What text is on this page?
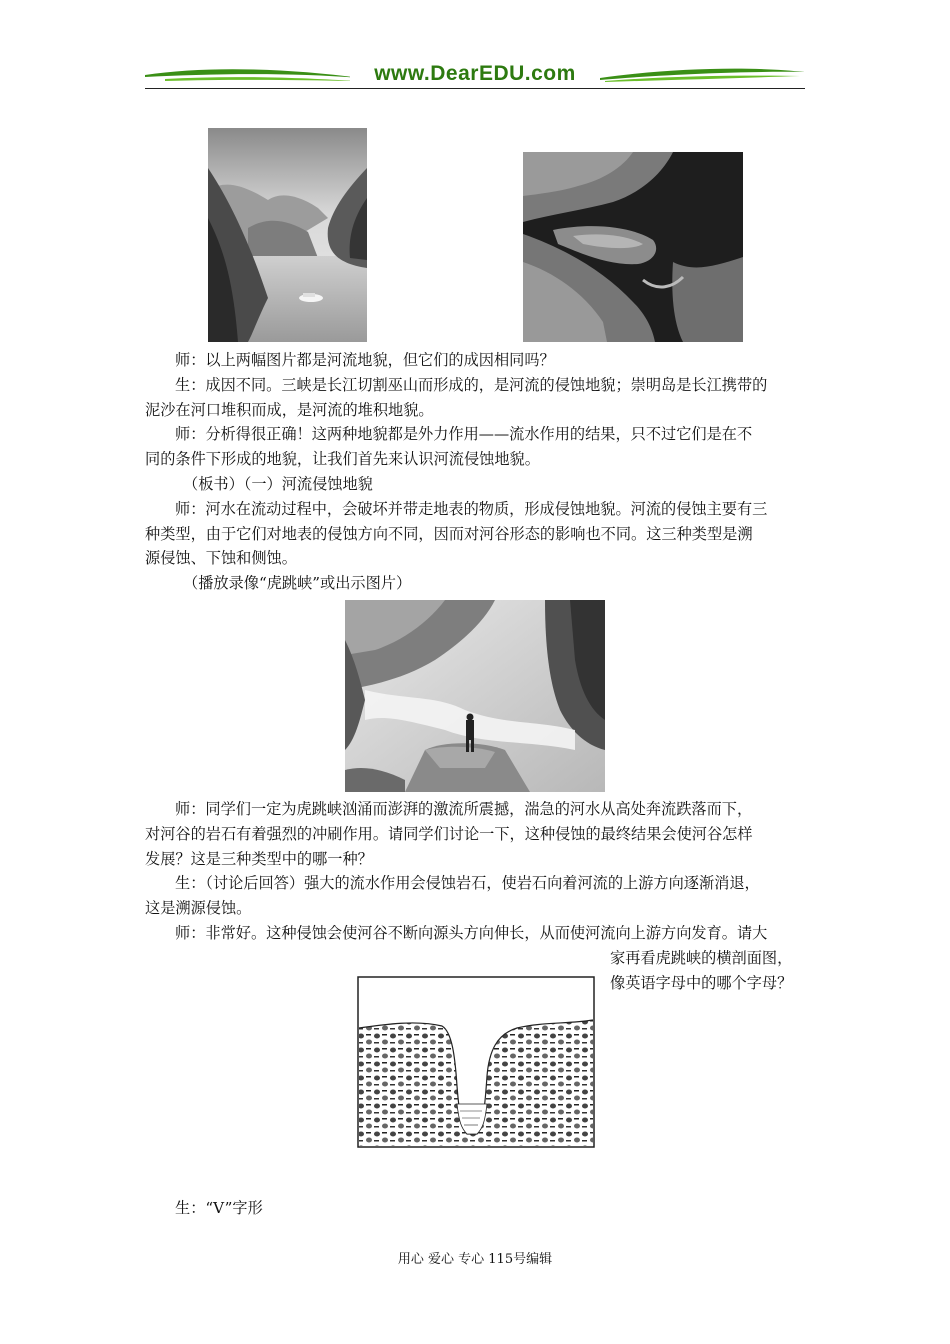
www.DearEDU.com

师：以上两幅图片都是河流地貌，但它们的成因相同吗？

生：成因不同。三峡是长江切割巫山而形成的，是河流的侵蚀地貌；崇明岛是长江携带的
泥沙在河口堆积而成，是河流的堆积地貌。

师：分析得很正确！这两种地貌都是外力作用——流水作用的结果，只不过它们是在不
同的条件下形成的地貌，让我们首先来认识河流侵蚀地貌。

（板书）（一）河流侵蚀地貌

师：河水在流动过程中，会破坏并带走地表的物质，形成侵蚀地貌。河流的侵蚀主要有三
种类型，由于它们对地表的侵蚀方向不同，因而对河谷形态的影响也不同。这三种类型是溯
源侵蚀、下蚀和侧蚀。

（播放录像“虎跳峡”或出示图片）

师：同学们一定为虎跳峡汹涌而澎湃的激流所震撼，湍急的河水从高处奔流跌落而下，
对河谷的岩石有着强烈的冲刷作用。请同学们讨论一下，这种侵蚀的最终结果会使河谷怎样
发展？这是三种类型中的哪一种？

生：（讨论后回答）强大的流水作用会侵蚀岩石，使岩石向着河流的上游方向逐渐消退，
这是溯源侵蚀。

师：非常好。这种侵蚀会使河谷不断向源头方向伸长，从而使河流向上游方向发育。请大

家再看虎跳峡的横剖面图，
像英语字母中的哪个字母？

生：“V”字形

用心 爱心 专心 115号编辑
